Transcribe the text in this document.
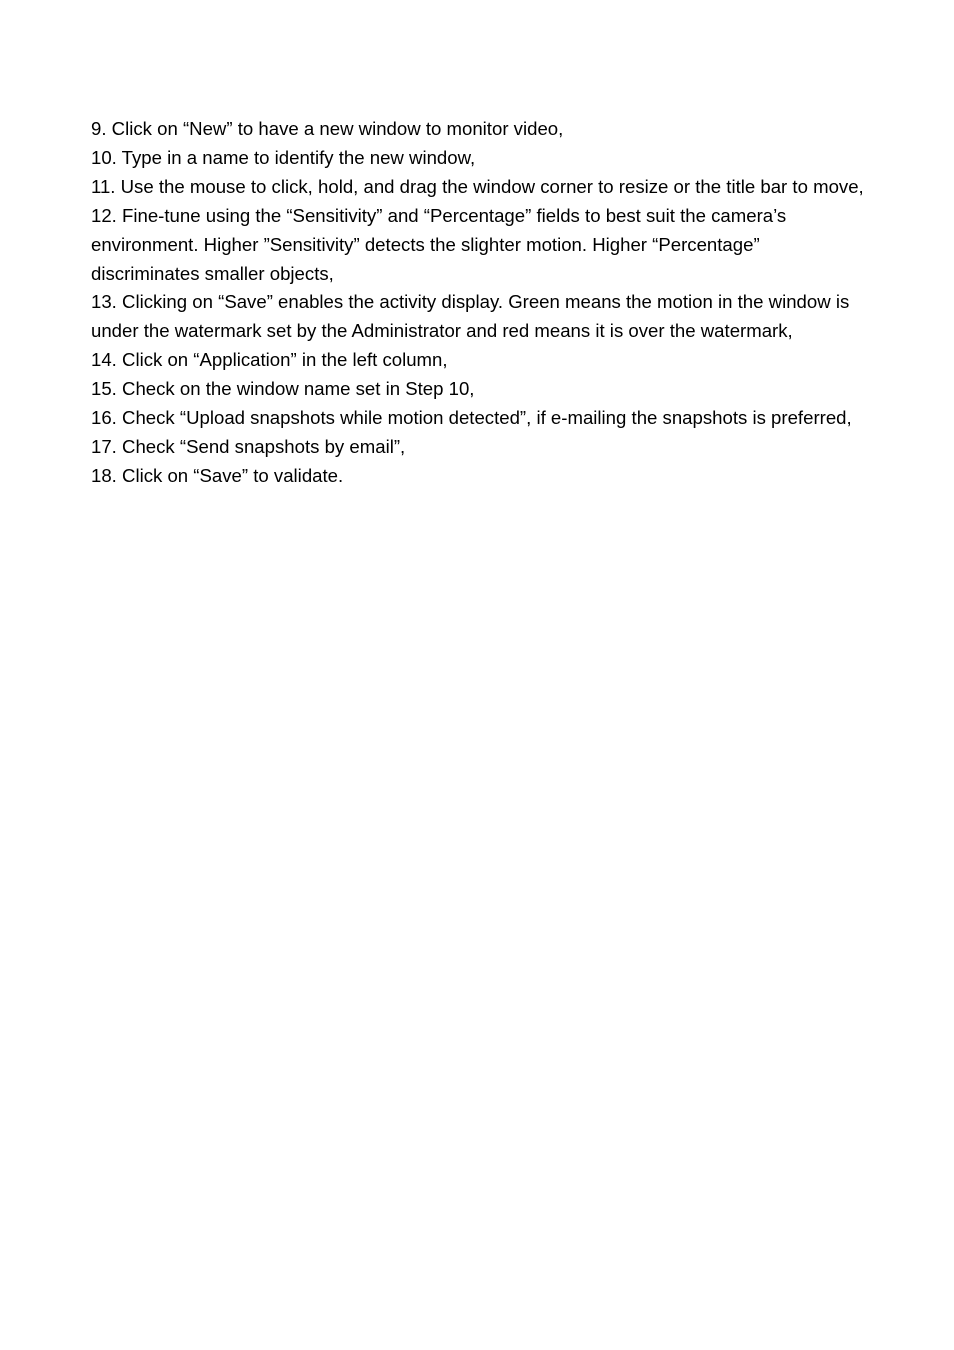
9. Click on “New” to have a new window to monitor video,
10. Type in a name to identify the new window,
11. Use the mouse to click, hold, and drag the window corner to resize or the title bar to move,
12. Fine-tune using the “Sensitivity” and “Percentage” fields to best suit the camera’s environment. Higher ”Sensitivity” detects the slighter motion. Higher “Percentage” discriminates smaller objects,
13. Clicking on “Save” enables the activity display. Green means the motion in the window is under the watermark set by the Administrator and red means it is over the watermark,
14. Click on “Application” in the left column,
15. Check on the window name set in Step 10,
16. Check “Upload snapshots while motion detected”, if e-mailing the snapshots is preferred,
17. Check “Send snapshots by email”,
18. Click on “Save” to validate.
